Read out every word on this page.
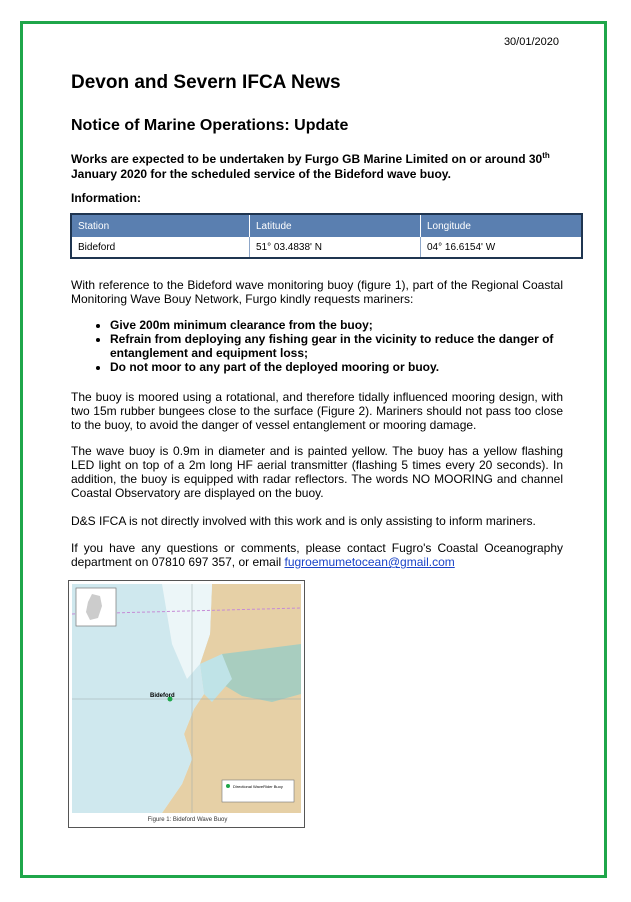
30/01/2020
Devon and Severn IFCA News
Notice of Marine Operations: Update
Works are expected to be undertaken by Furgo GB Marine Limited on or around 30th January 2020 for the scheduled service of the Bideford wave buoy.
Information:
Station	Latitude	Longitude
Bideford	51° 03.4838' N	04° 16.6154' W
With reference to the Bideford wave monitoring buoy (figure 1), part of the Regional Coastal Monitoring Wave Bouy Network, Furgo kindly requests mariners:
• Give 200m minimum clearance from the buoy;
• Refrain from deploying any fishing gear in the vicinity to reduce the danger of entanglement and equipment loss;
• Do not moor to any part of the deployed mooring or buoy.
The buoy is moored using a rotational, and therefore tidally influenced mooring design, with two 15m rubber bungees close to the surface (Figure 2). Mariners should not pass too close to the buoy, to avoid the danger of vessel entanglement or mooring damage.
The wave buoy is 0.9m in diameter and is painted yellow. The buoy has a yellow flashing LED light on top of a 2m long HF aerial transmitter (flashing 5 times every 20 seconds). In addition, the buoy is equipped with radar reflectors. The words NO MOORING and channel Coastal Observatory are displayed on the buoy.
D&S IFCA is not directly involved with this work and is only assisting to inform mariners.
If you have any questions or comments, please contact Fugro's Coastal Oceanography department on 07810 697 357, or email fugroemumetocean@gmail.com
Bideford
Directional WaveRider Buoy
Figure 1: Bideford Wave Buoy
